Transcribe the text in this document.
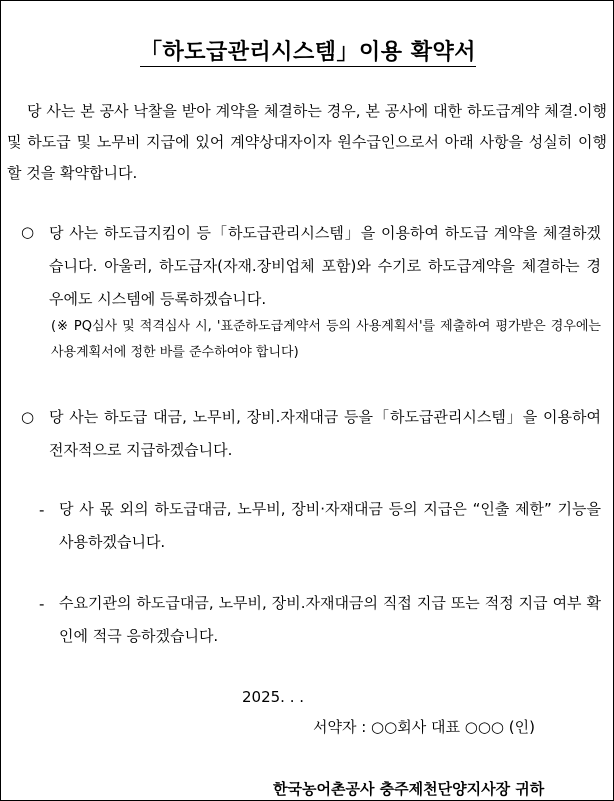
「하도급관리시스템」이용 확약서
당 사는 본 공사 낙찰을 받아 계약을 체결하는 경우, 본 공사에 대한 하도급계약 체결.이행 및 하도급 및 노무비 지급에 있어 계약상대자이자 원수급인으로서 아래 사항을 성실히 이행할 것을 확약합니다.
○ 당 사는 하도급지킴이 등「하도급관리시스템」을 이용하여 하도급 계약을 체결하겠습니다. 아울러, 하도급자(자재.장비업체 포함)와 수기로 하도급계약을 체결하는 경우에도 시스템에 등록하겠습니다.
(※ PQ심사 및 적격심사 시, '표준하도급계약서 등의 사용계획서'를 제출하여 평가받은 경우에는 사용계획서에 정한 바를 준수하여야 합니다)
○ 당 사는 하도급 대금, 노무비, 장비.자재대금 등을「하도급관리시스템」을 이용하여 전자적으로 지급하겠습니다.
- 당 사 몫 외의 하도급대금, 노무비, 장비·자재대금 등의 지급은 “인출 제한” 기능을 사용하겠습니다.
- 수요기관의 하도급대금, 노무비, 장비.자재대금의 직접 지급 또는 적정 지급 여부 확인에 적극 응하겠습니다.
2025. . .
서약자 : ○○회사 대표 ○○○ (인)
한국농어촌공사 충주제천단양지사장 귀하
